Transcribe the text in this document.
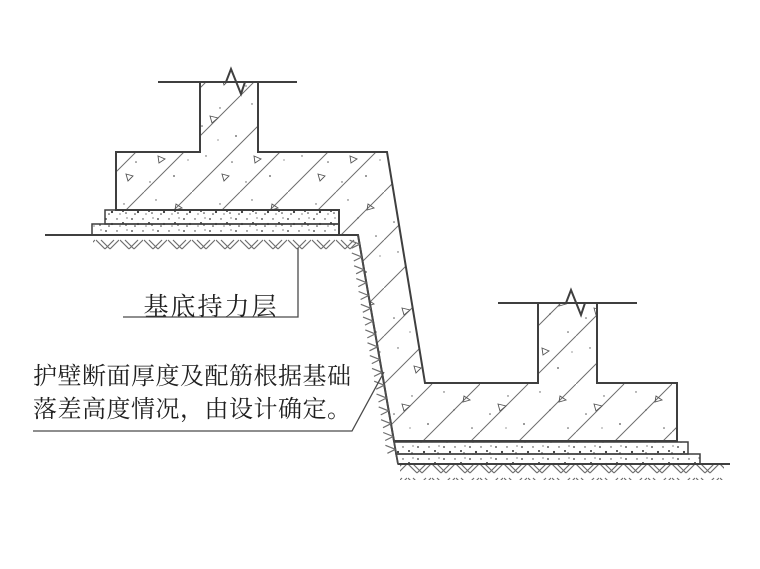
基底持力层
护壁断面厚度及配筋根据基础
落差高度情况，由设计确定。
